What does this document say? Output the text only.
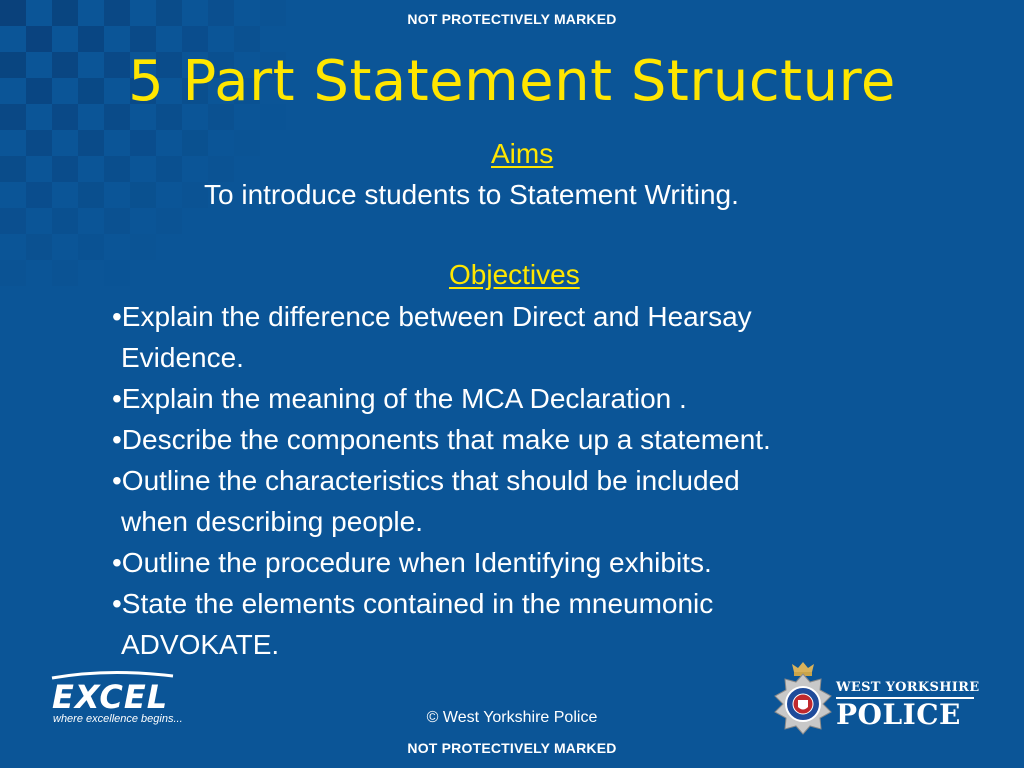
NOT PROTECTIVELY MARKED
5 Part Statement Structure
Aims
To introduce students to Statement Writing.
Objectives
•Explain the difference between Direct and Hearsay
Evidence.
•Explain the meaning of the MCA Declaration .
•Describe the components that make up a statement.
•Outline the characteristics that should be included
when describing people.
•Outline the procedure when Identifying exhibits.
•State the elements contained in the mneumonic
ADVOKATE.
EXCEL
where excellence begins...	© West Yorkshire Police
WEST YORKSHIRE
POLICE
NOT PROTECTIVELY MARKED
